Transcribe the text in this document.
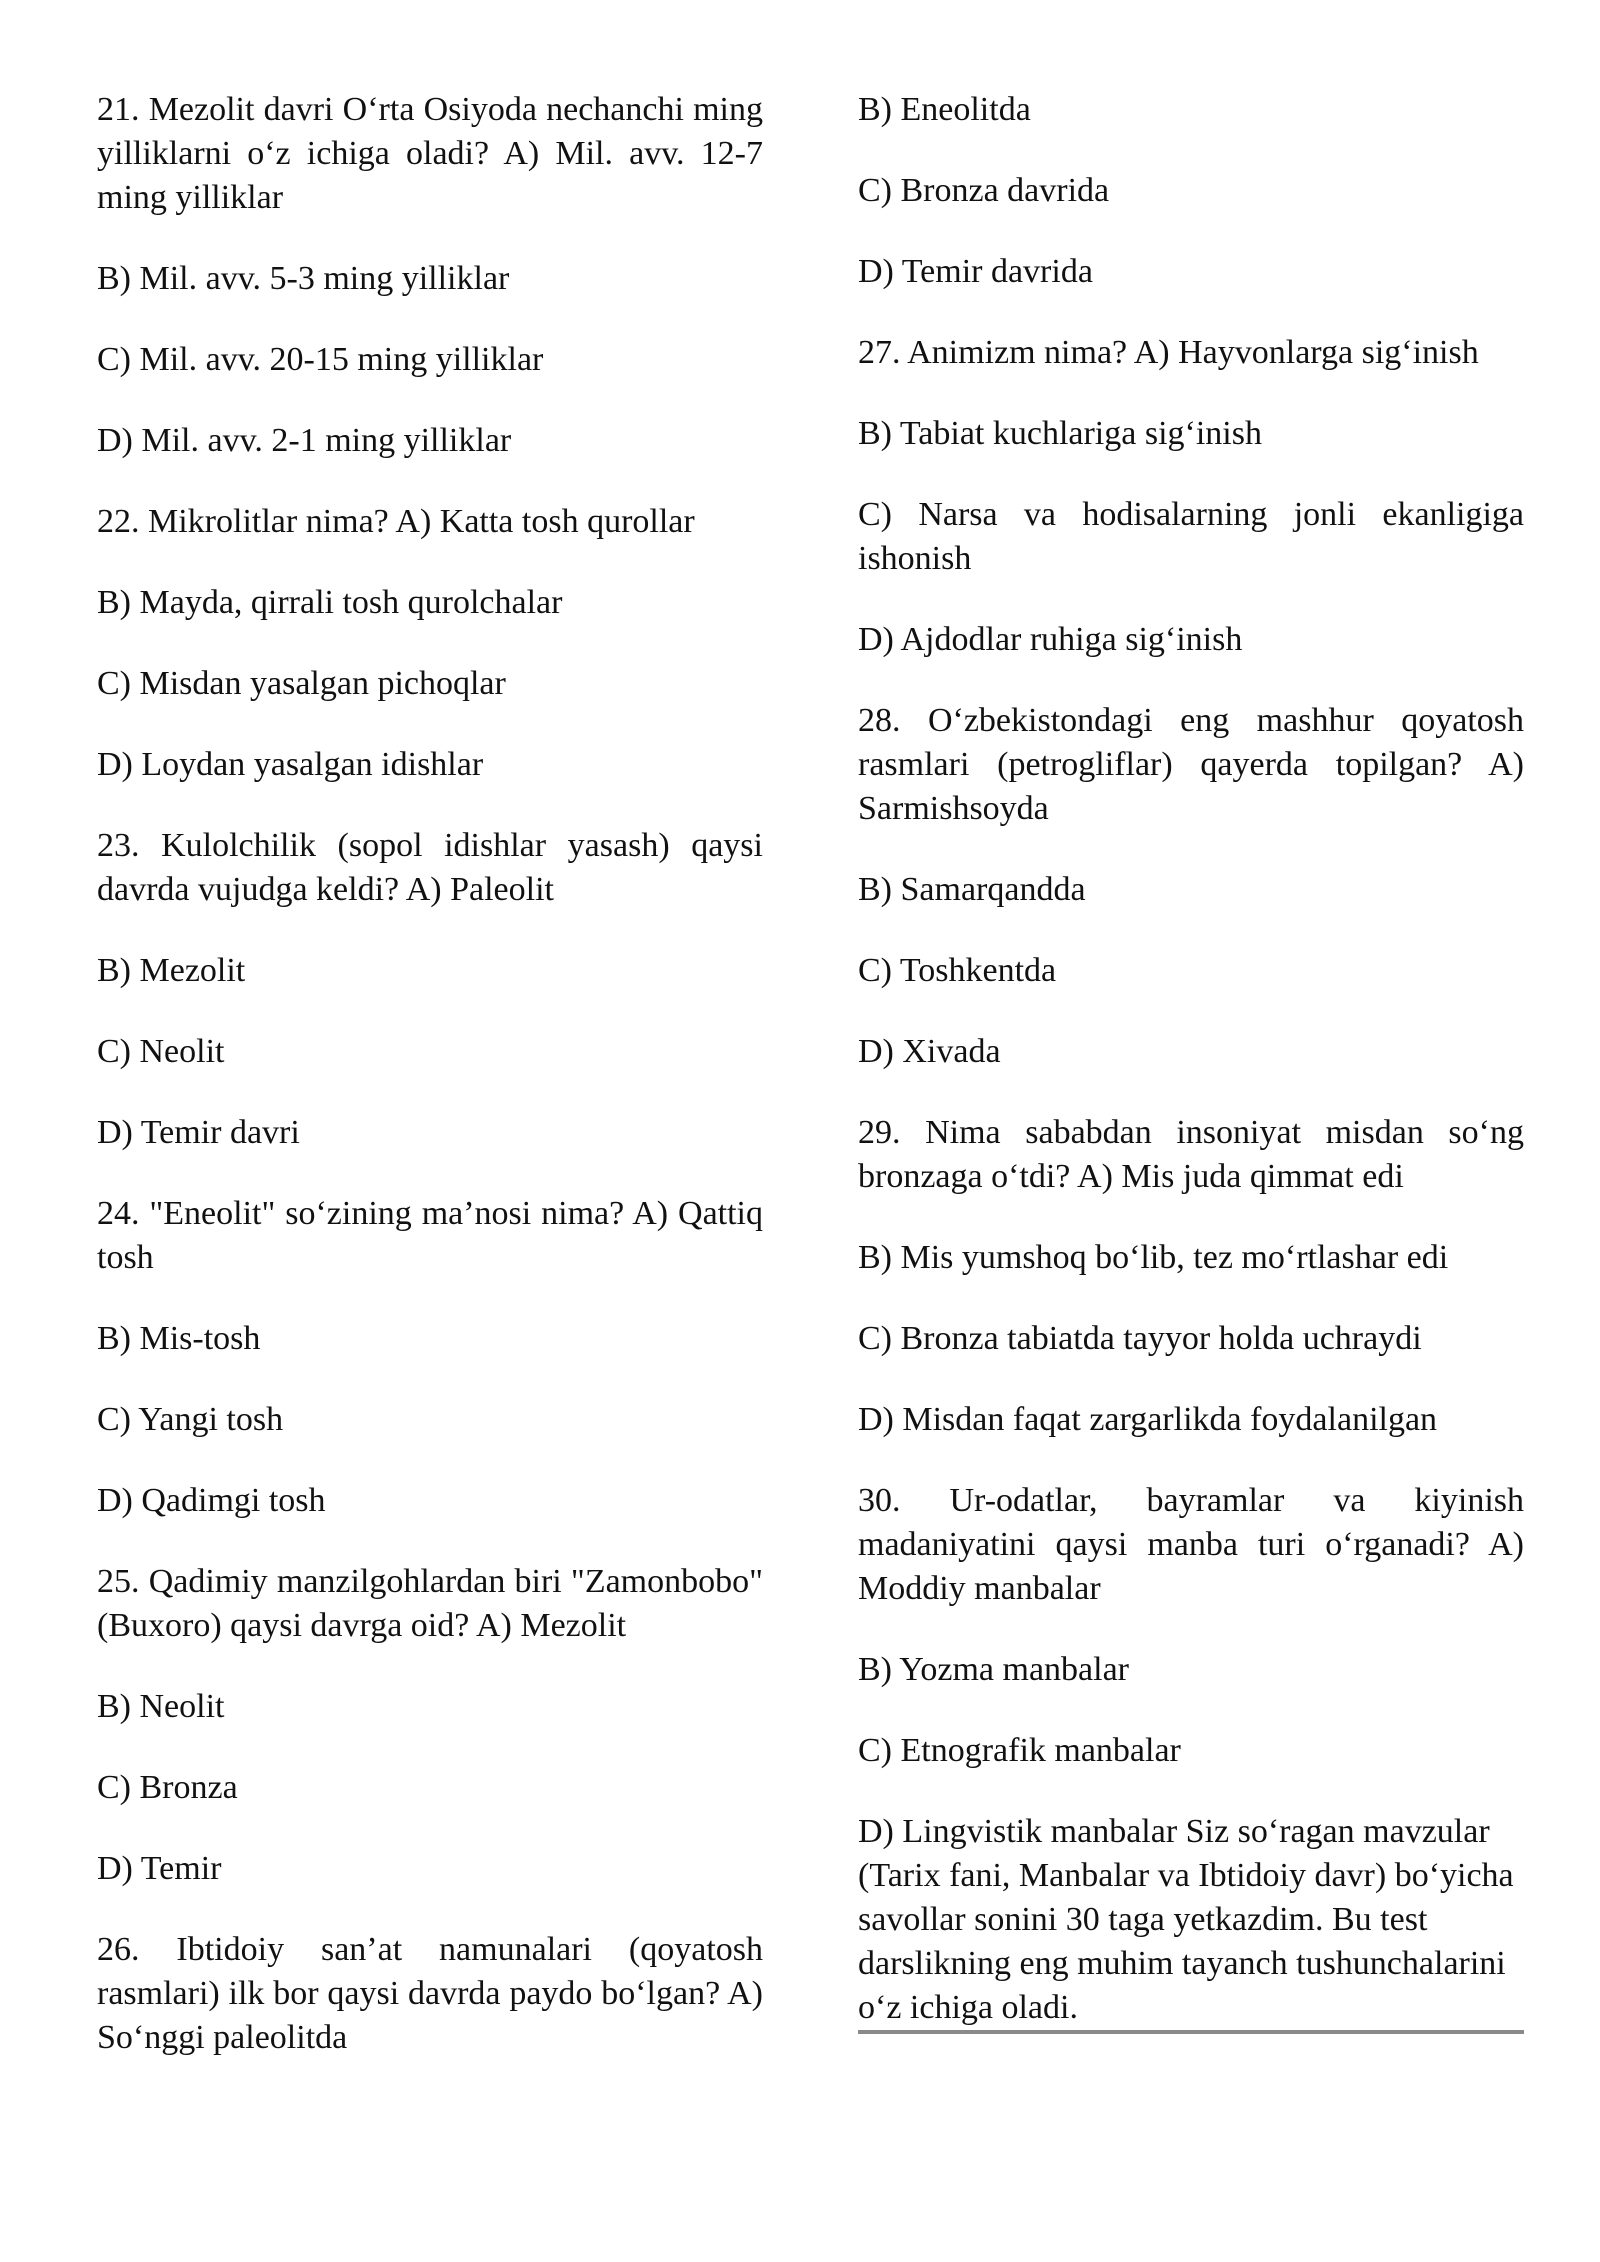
21. Mezolit davri O‘rta Osiyoda nechanchi ming yilliklarni o‘z ichiga oladi? A) Mil. avv. 12-7 ming yilliklar

B) Mil. avv. 5-3 ming yilliklar

C) Mil. avv. 20-15 ming yilliklar

D) Mil. avv. 2-1 ming yilliklar

22. Mikrolitlar nima? A) Katta tosh qurollar

B) Mayda, qirrali tosh qurolchalar

C) Misdan yasalgan pichoqlar

D) Loydan yasalgan idishlar

23. Kulolchilik (sopol idishlar yasash) qaysi davrda vujudga keldi? A) Paleolit

B) Mezolit

C) Neolit

D) Temir davri

24. "Eneolit" so‘zining ma’nosi nima? A) Qattiq tosh

B) Mis-tosh

C) Yangi tosh

D) Qadimgi tosh

25. Qadimiy manzilgohlardan biri "Zamonbobo" (Buxoro) qaysi davrga oid? A) Mezolit

B) Neolit

C) Bronza

D) Temir

26. Ibtidoiy san’at namunalari (qoyatosh rasmlari) ilk bor qaysi davrda paydo bo‘lgan? A) So‘nggi paleolitda

B) Eneolitda

C) Bronza davrida

D) Temir davrida

27. Animizm nima? A) Hayvonlarga sig‘inish

B) Tabiat kuchlariga sig‘inish

C) Narsa va hodisalarning jonli ekanligiga ishonish

D) Ajdodlar ruhiga sig‘inish

28. O‘zbekistondagi eng mashhur qoyatosh rasmlari (petrogliflar) qayerda topilgan? A) Sarmishsoyda

B) Samarqandda

C) Toshkentda

D) Xivada

29. Nima sababdan insoniyat misdan so‘ng bronzaga o‘tdi? A) Mis juda qimmat edi

B) Mis yumshoq bo‘lib, tez mo‘rtlashar edi

C) Bronza tabiatda tayyor holda uchraydi

D) Misdan faqat zargarlikda foydalanilgan

30. Ur-odatlar, bayramlar va kiyinish madaniyatini qaysi manba turi o‘rganadi? A) Moddiy manbalar

B) Yozma manbalar

C) Etnografik manbalar

D) Lingvistik manbalar Siz so‘ragan mavzular (Tarix fani, Manbalar va Ibtidoiy davr) bo‘yicha savollar sonini 30 taga yetkazdim. Bu test darslikning eng muhim tayanch tushunchalarini o‘z ichiga oladi.
